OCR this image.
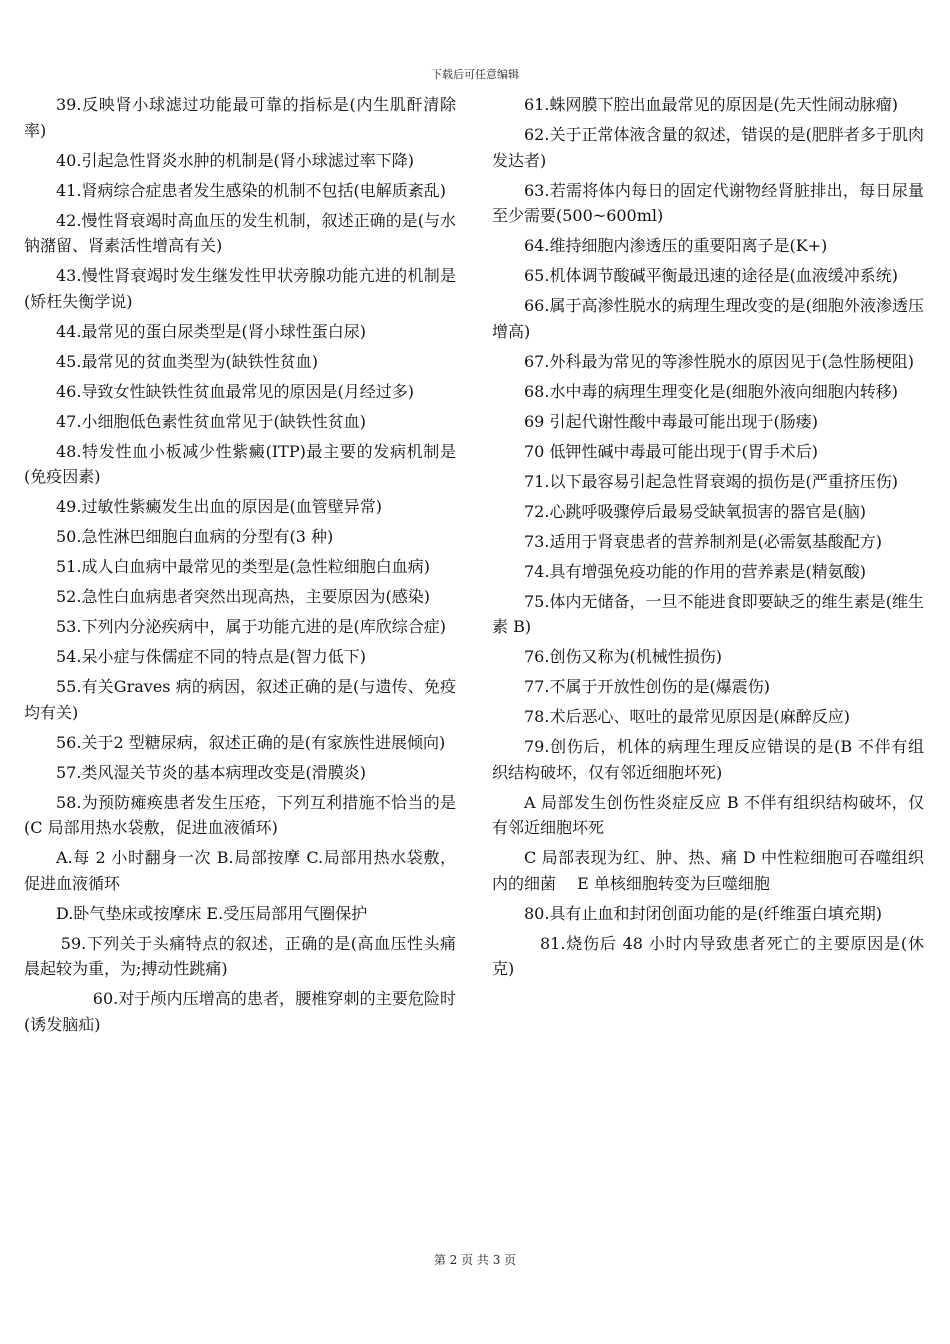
下载后可任意编辑

39.反映肾小球滤过功能最可靠的指标是(内生肌酐清除率)

40.引起急性肾炎水肿的机制是(肾小球滤过率下降)

41.肾病综合症患者发生感染的机制不包括(电解质紊乱)

42.慢性肾衰竭时高血压的发生机制，叙述正确的是(与水钠潴留、肾素活性增高有关)

43.慢性肾衰竭时发生继发性甲状旁腺功能亢进的机制是(矫枉失衡学说)

44.最常见的蛋白尿类型是(肾小球性蛋白尿)

45.最常见的贫血类型为(缺铁性贫血)

46.导致女性缺铁性贫血最常见的原因是(月经过多)

47.小细胞低色素性贫血常见于(缺铁性贫血)

48.特发性血小板减少性紫癜(ITP)最主要的发病机制是(免疫因素)

49.过敏性紫癜发生出血的原因是(血管壁异常)

50.急性淋巴细胞白血病的分型有(3 种)

51.成人白血病中最常见的类型是(急性粒细胞白血病)

52.急性白血病患者突然出现高热，主要原因为(感染)

53.下列内分泌疾病中，属于功能亢进的是(库欣综合症)

54.呆小症与侏儒症不同的特点是(智力低下)

55.有关Graves 病的病因，叙述正确的是(与遗传、免疫均有关)

56.关于2 型糖尿病，叙述正确的是(有家族性进展倾向)

57.类风湿关节炎的基本病理改变是(滑膜炎)

58.为预防瘫痪患者发生压疮，下列互利措施不恰当的是(C 局部用热水袋敷，促进血液循环)

A.每 2 小时翻身一次 B.局部按摩 C.局部用热水袋敷，促进血液循环

D.卧气垫床或按摩床 E.受压局部用气圈保护

59.下列关于头痛特点的叙述，正确的是(高血压性头痛晨起较为重，为;搏动性跳痛)

60.对于颅内压增高的患者，腰椎穿刺的主要危险时(诱发脑疝)

61.蛛网膜下腔出血最常见的原因是(先天性闹动脉瘤)

62.关于正常体液含量的叙述，错误的是(肥胖者多于肌肉发达者)

63.若需将体内每日的固定代谢物经肾脏排出，每日尿量至少需要(500~600ml)

64.维持细胞内渗透压的重要阳离子是(K+)

65.机体调节酸碱平衡最迅速的途径是(血液缓冲系统)

66.属于高渗性脱水的病理生理改变的是(细胞外液渗透压增高)

67.外科最为常见的等渗性脱水的原因见于(急性肠梗阻)

68.水中毒的病理生理变化是(细胞外液向细胞内转移)

69 引起代谢性酸中毒最可能出现于(肠瘘)

70 低钾性碱中毒最可能出现于(胃手术后)

71.以下最容易引起急性肾衰竭的损伤是(严重挤压伤)

72.心跳呼吸骤停后最易受缺氧损害的器官是(脑)

73.适用于肾衰患者的营养制剂是(必需氨基酸配方)

74.具有增强免疫功能的作用的营养素是(精氨酸)

75.体内无储备，一旦不能进食即要缺乏的维生素是(维生素 B)

76.创伤又称为(机械性损伤)

77.不属于开放性创伤的是(爆震伤)

78.术后恶心、呕吐的最常见原因是(麻醉反应)

79.创伤后，机体的病理生理反应错误的是(B 不伴有组织结构破坏，仅有邻近细胞坏死)

A 局部发生创伤性炎症反应 B 不伴有组织结构破坏，仅有邻近细胞坏死

C 局部表现为红、肿、热、痛 D 中性粒细胞可吞噬组织内的细菌　 E 单核细胞转变为巨噬细胞

80.具有止血和封闭创面功能的是(纤维蛋白填充期)

81.烧伤后 48 小时内导致患者死亡的主要原因是(休克)

第 2 页 共 3 页
